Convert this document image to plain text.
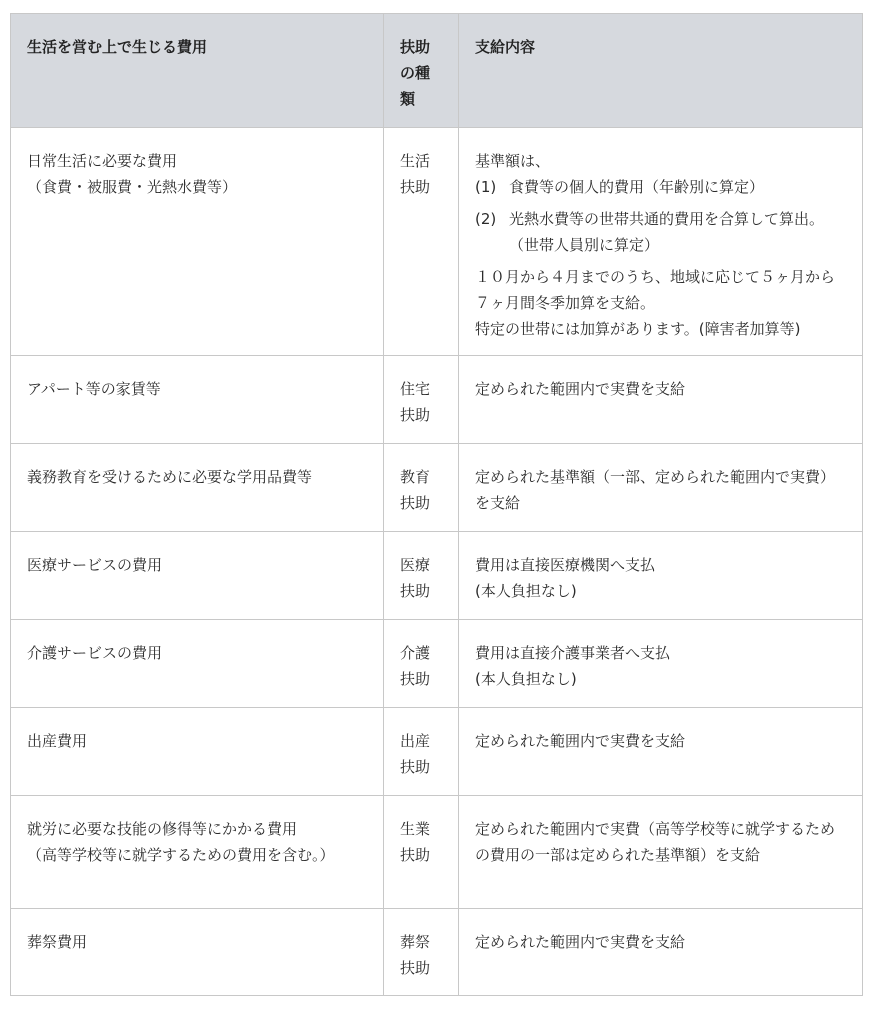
生活を営む上で生じる費用	扶助の種類	支給内容

日常生活に必要な費用
（食費・被服費・光熱水費等）	生活扶助	基準額は、
(1) 食費等の個人的費用（年齢別に算定）
(2) 光熱水費等の世帯共通的費用を合算して算出。（世帯人員別に算定）
１０月から４月までのうち、地域に応じて５ヶ月から７ヶ月間冬季加算を支給。
特定の世帯には加算があります。(障害者加算等)

アパート等の家賃等	住宅扶助	定められた範囲内で実費を支給
義務教育を受けるために必要な学用品費等	教育扶助	定められた基準額（一部、定められた範囲内で実費）を支給
医療サービスの費用	医療扶助	費用は直接医療機関へ支払
(本人負担なし)

介護サービスの費用	介護扶助	費用は直接介護事業者へ支払
(本人負担なし)

出産費用	出産扶助	定められた範囲内で実費を支給

就労に必要な技能の修得等にかかる費用
（高等学校等に就学するための費用を含む。）	生業扶助	定められた範囲内で実費（高等学校等に就学するための費用の一部は定められた基準額）を支給
葬祭費用	葬祭扶助	定められた範囲内で実費を支給
